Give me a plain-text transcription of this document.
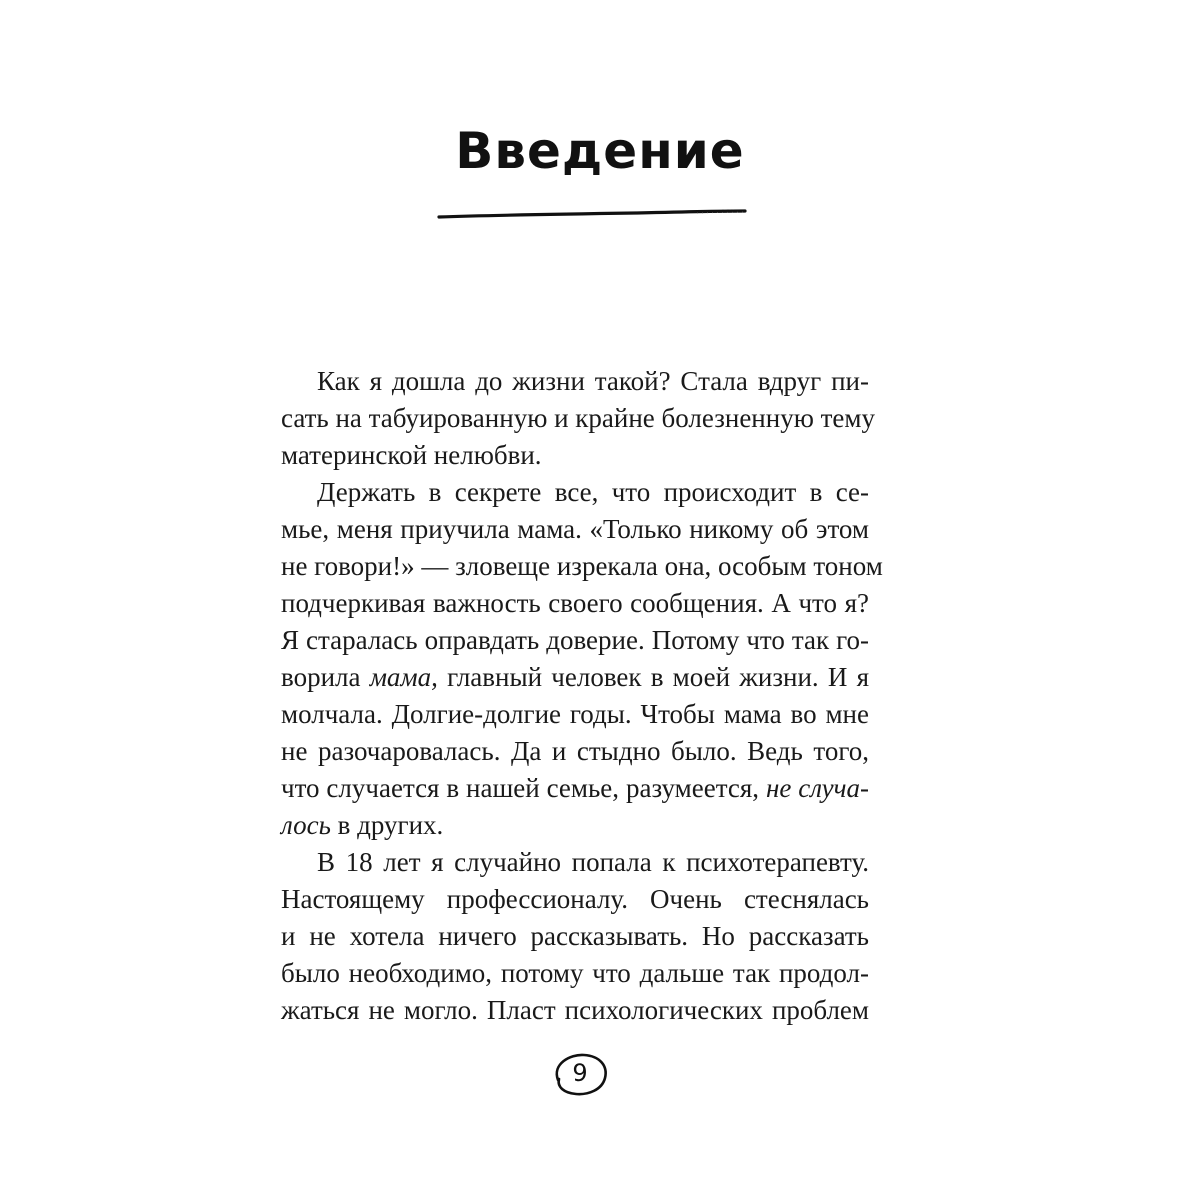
Введение
Как я дошла до жизни такой? Стала вдруг пи-
сать на табуированную и крайне болезненную тему
материнской нелюбви.
Держать в секрете все, что происходит в се-
мье, меня приучила мама. «Только никому об этом
не говори!» — зловеще изрекала она, особым тоном
подчеркивая важность своего сообщения. А что я?
Я старалась оправдать доверие. Потому что так го-
ворила мама, главный человек в моей жизни. И я
молчала. Долгие-долгие годы. Чтобы мама во мне
не разочаровалась. Да и стыдно было. Ведь того,
что случается в нашей семье, разумеется, не случа-
лось в других.
В 18 лет я случайно попала к психотерапевту.
Настоящему профессионалу. Очень стеснялась
и не хотела ничего рассказывать. Но рассказать
было необходимо, потому что дальше так продол-
жаться не могло. Пласт психологических проблем
9
